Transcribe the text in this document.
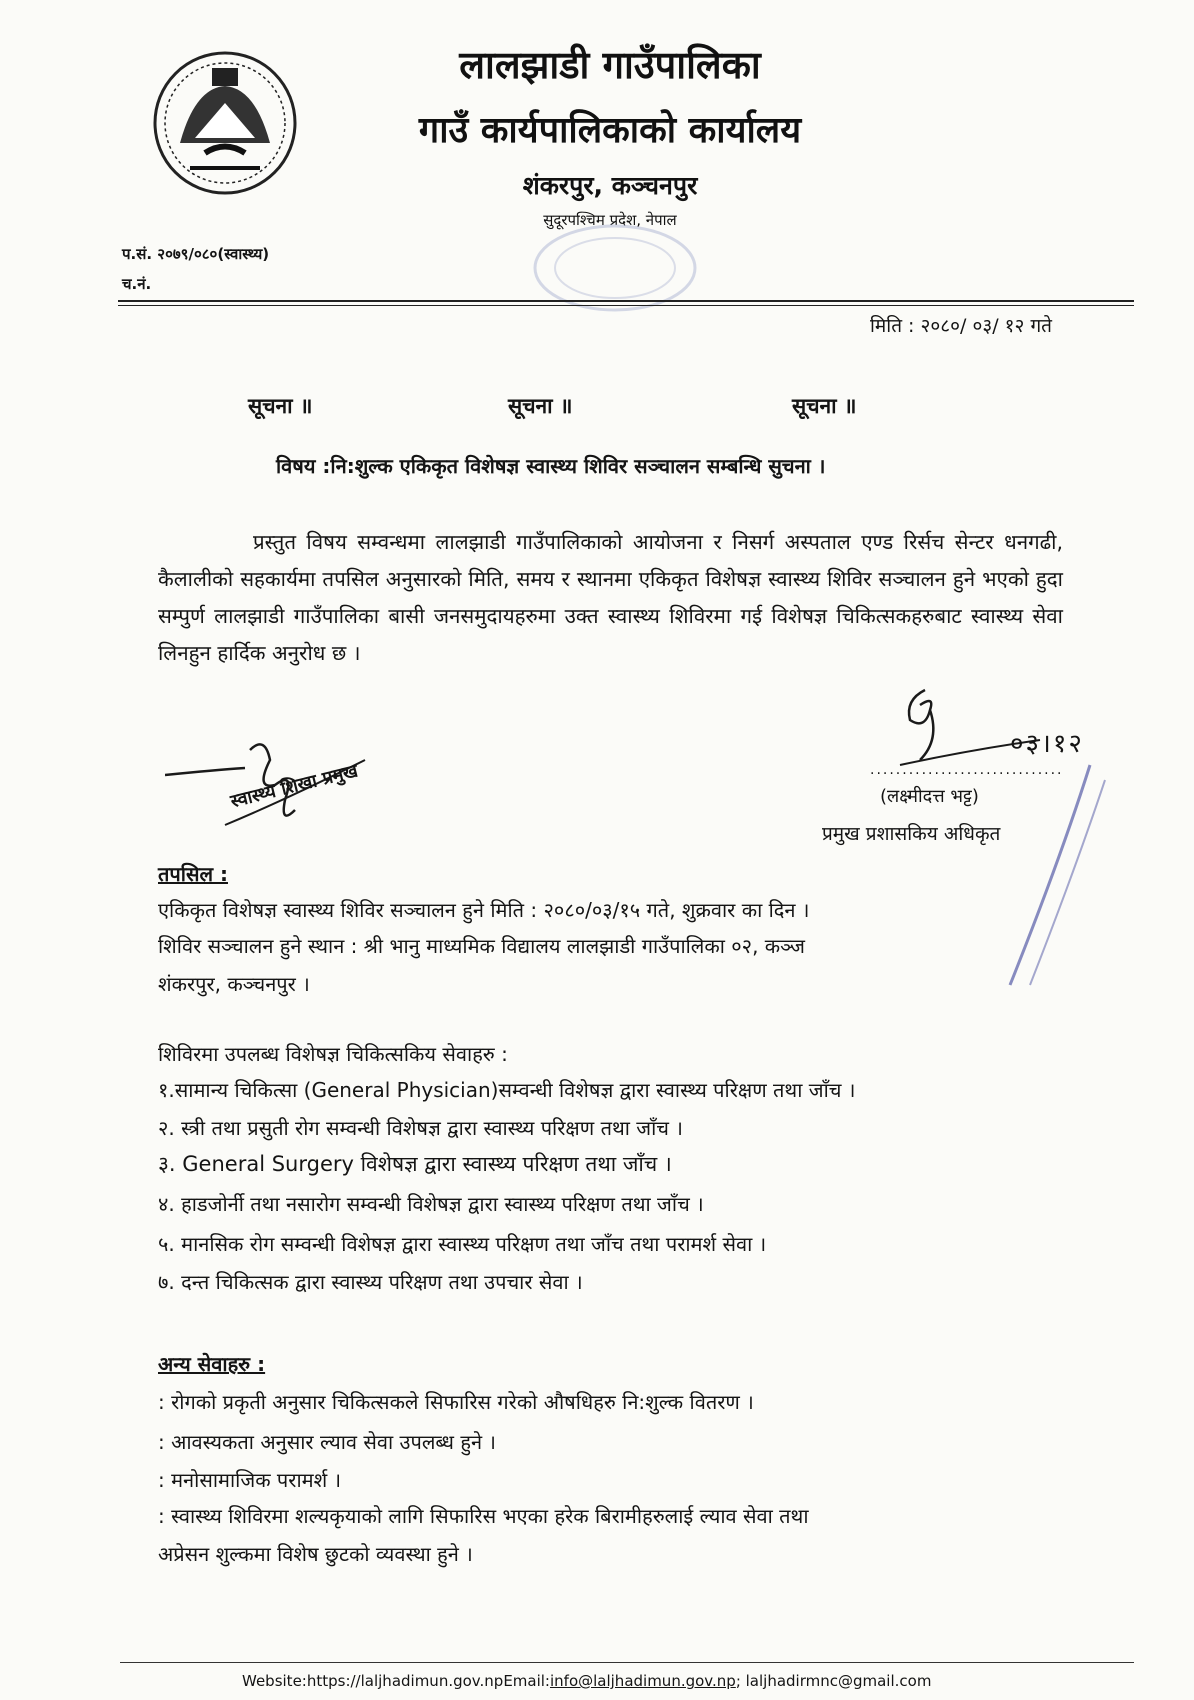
लालझाडी गाउँपालिका
गाउँ कार्यपालिकाको कार्यालय
शंकरपुर, कञ्चनपुर
सुदूरपश्चिम प्रदेश, नेपाल
प.सं. २०७९/०८०(स्वास्थ्य)
च.नं.
मिति : २०८०/ ०३/ १२ गते
सूचना ॥	सूचना ॥	सूचना ॥
विषय :नि:शुल्क एकिकृत विशेषज्ञ स्वास्थ्य शिविर सञ्चालन सम्बन्धि सुचना ।
प्रस्तुत विषय सम्वन्धमा लालझाडी गाउँपालिकाको आयोजना र निसर्ग अस्पताल एण्ड रिर्सच सेन्टर धनगढी, कैलालीको सहकार्यमा तपसिल अनुसारको मिति, समय र स्थानमा एकिकृत विशेषज्ञ स्वास्थ्य शिविर सञ्चालन हुने भएको हुदा सम्पुर्ण लालझाडी गाउँपालिका बासी जनसमुदायहरुमा उक्त स्वास्थ्य शिविरमा गई विशेषज्ञ चिकित्सकहरुबाट स्वास्थ्य सेवा लिनहुन हार्दिक अनुरोध छ ।
स्वास्थ्य शिखा प्रमुख
०३।१२
..............................
(लक्ष्मीदत्त भट्ट)
प्रमुख प्रशासकिय अधिकृत
तपसिल :
एकिकृत विशेषज्ञ स्वास्थ्य शिविर सञ्चालन हुने मिति : २०८०/०३/१५ गते, शुक्रवार का दिन ।
शिविर सञ्चालन हुने स्थान : श्री भानु माध्यमिक विद्यालय लालझाडी गाउँपालिका ०२, कञ्ज
शंकरपुर, कञ्चनपुर ।
शिविरमा उपलब्ध विशेषज्ञ चिकित्सकिय सेवाहरु :
१.सामान्य चिकित्सा (General Physician)सम्वन्धी विशेषज्ञ द्वारा स्वास्थ्य परिक्षण तथा जाँच ।
२. स्त्री तथा प्रसुती रोग सम्वन्धी विशेषज्ञ द्वारा स्वास्थ्य परिक्षण तथा जाँच ।
३. General Surgery विशेषज्ञ द्वारा स्वास्थ्य परिक्षण तथा जाँच ।
४. हाडजोर्नी तथा नसारोग सम्वन्धी विशेषज्ञ द्वारा स्वास्थ्य परिक्षण तथा जाँच ।
५. मानसिक रोग सम्वन्धी विशेषज्ञ द्वारा स्वास्थ्य परिक्षण तथा जाँच तथा परामर्श सेवा ।
७. दन्त चिकित्सक द्वारा स्वास्थ्य परिक्षण तथा उपचार सेवा ।
अन्य सेवाहरु :
: रोगको प्रकृती अनुसार चिकित्सकले सिफारिस गरेको औषधिहरु नि:शुल्क वितरण ।
: आवस्यकता अनुसार ल्याव सेवा उपलब्ध हुने ।
: मनोसामाजिक परामर्श ।
: स्वास्थ्य शिविरमा शल्यकृयाको लागि सिफारिस भएका हरेक बिरामीहरुलाई ल्याव सेवा तथा
अप्रेसन शुल्कमा विशेष छुटको व्यवस्था हुने ।
Website:https://laljhadimun.gov.npEmail:info@laljhadimun.gov.np; laljhadirmnc@gmail.com
